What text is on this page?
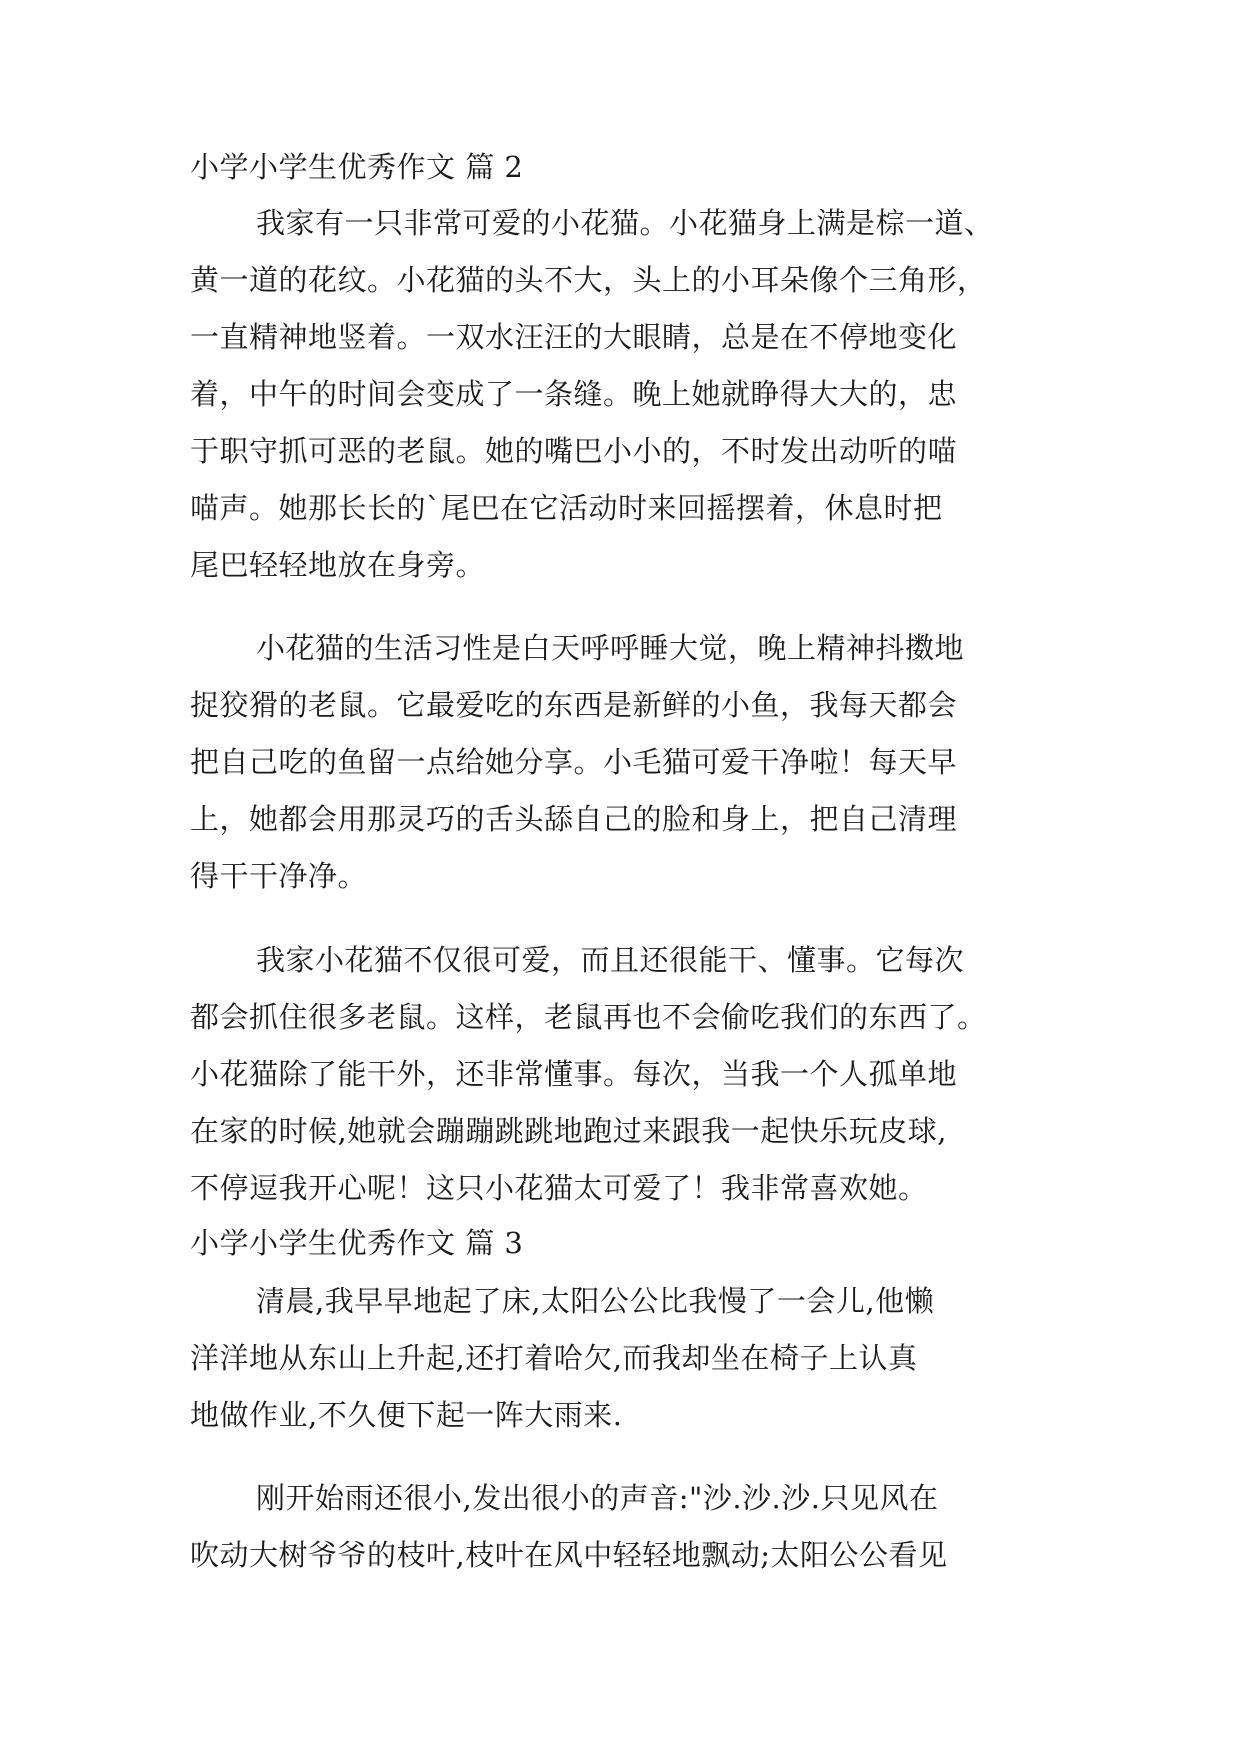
小学小学生优秀作文 篇 2
我家有一只非常可爱的小花猫。小花猫身上满是棕一道、
黄一道的花纹。小花猫的头不大，头上的小耳朵像个三角形，
一直精神地竖着。一双水汪汪的大眼睛，总是在不停地变化
着，中午的时间会变成了一条缝。晚上她就睁得大大的，忠
于职守抓可恶的老鼠。她的嘴巴小小的，不时发出动听的喵
喵声。她那长长的`尾巴在它活动时来回摇摆着，休息时把
尾巴轻轻地放在身旁。
小花猫的生活习性是白天呼呼睡大觉，晚上精神抖擞地
捉狡猾的老鼠。它最爱吃的东西是新鲜的小鱼，我每天都会
把自己吃的鱼留一点给她分享。小毛猫可爱干净啦！每天早
上，她都会用那灵巧的舌头舔自己的脸和身上，把自己清理
得干干净净。
我家小花猫不仅很可爱，而且还很能干、懂事。它每次
都会抓住很多老鼠。这样，老鼠再也不会偷吃我们的东西了。
小花猫除了能干外，还非常懂事。每次，当我一个人孤单地
在家的时候,她就会蹦蹦跳跳地跑过来跟我一起快乐玩皮球,
不停逗我开心呢！这只小花猫太可爱了！我非常喜欢她。
小学小学生优秀作文 篇 3
清晨,我早早地起了床,太阳公公比我慢了一会儿,他懒
洋洋地从东山上升起,还打着哈欠,而我却坐在椅子上认真
地做作业,不久便下起一阵大雨来.
刚开始雨还很小,发出很小的声音:"沙.沙.沙.只见风在
吹动大树爷爷的枝叶,枝叶在风中轻轻地飘动;太阳公公看见
